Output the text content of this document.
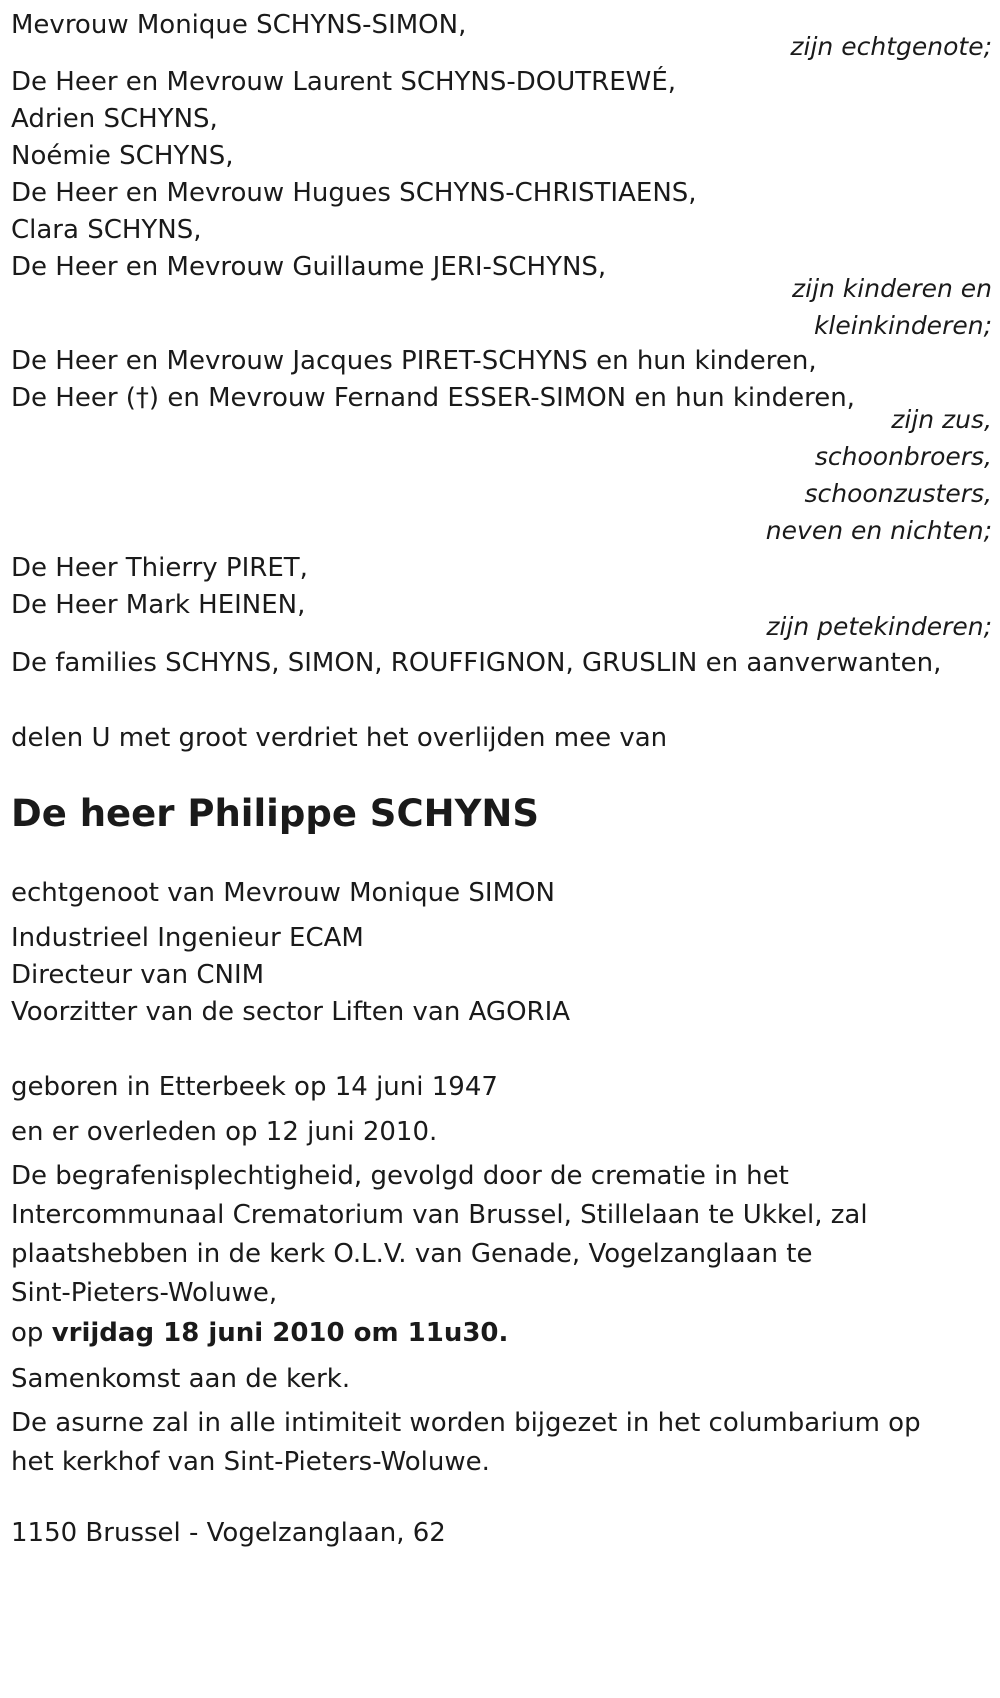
Mevrouw Monique SCHYNS-SIMON,
zijn echtgenote;
De Heer en Mevrouw Laurent SCHYNS-DOUTREWÉ,
Adrien SCHYNS,
Noémie SCHYNS,
De Heer en Mevrouw Hugues SCHYNS-CHRISTIAENS,
Clara SCHYNS,
De Heer en Mevrouw Guillaume JERI-SCHYNS,
zijn kinderen en
kleinkinderen;
De Heer en Mevrouw Jacques PIRET-SCHYNS en hun kinderen,
De Heer (†) en Mevrouw Fernand ESSER-SIMON en hun kinderen,
zijn zus,
schoonbroers,
schoonzusters,
neven en nichten;
De Heer Thierry PIRET,
De Heer Mark HEINEN,
zijn petekinderen;
De families SCHYNS, SIMON, ROUFFIGNON, GRUSLIN en aanverwanten,
delen U met groot verdriet het overlijden mee van
De heer Philippe SCHYNS
echtgenoot van Mevrouw Monique SIMON
Industrieel Ingenieur ECAM
Directeur van CNIM
Voorzitter van de sector Liften van AGORIA
geboren in Etterbeek op 14 juni 1947
en er overleden op 12 juni 2010.
De begrafenisplechtigheid, gevolgd door de crematie in het
Intercommunaal Crematorium van Brussel, Stillelaan te Ukkel, zal
plaatshebben in de kerk O.L.V. van Genade, Vogelzanglaan te
Sint-Pieters-Woluwe,
op vrijdag 18 juni 2010 om 11u30.
Samenkomst aan de kerk.
De asurne zal in alle intimiteit worden bijgezet in het columbarium op
het kerkhof van Sint-Pieters-Woluwe.
1150 Brussel - Vogelzanglaan, 62
